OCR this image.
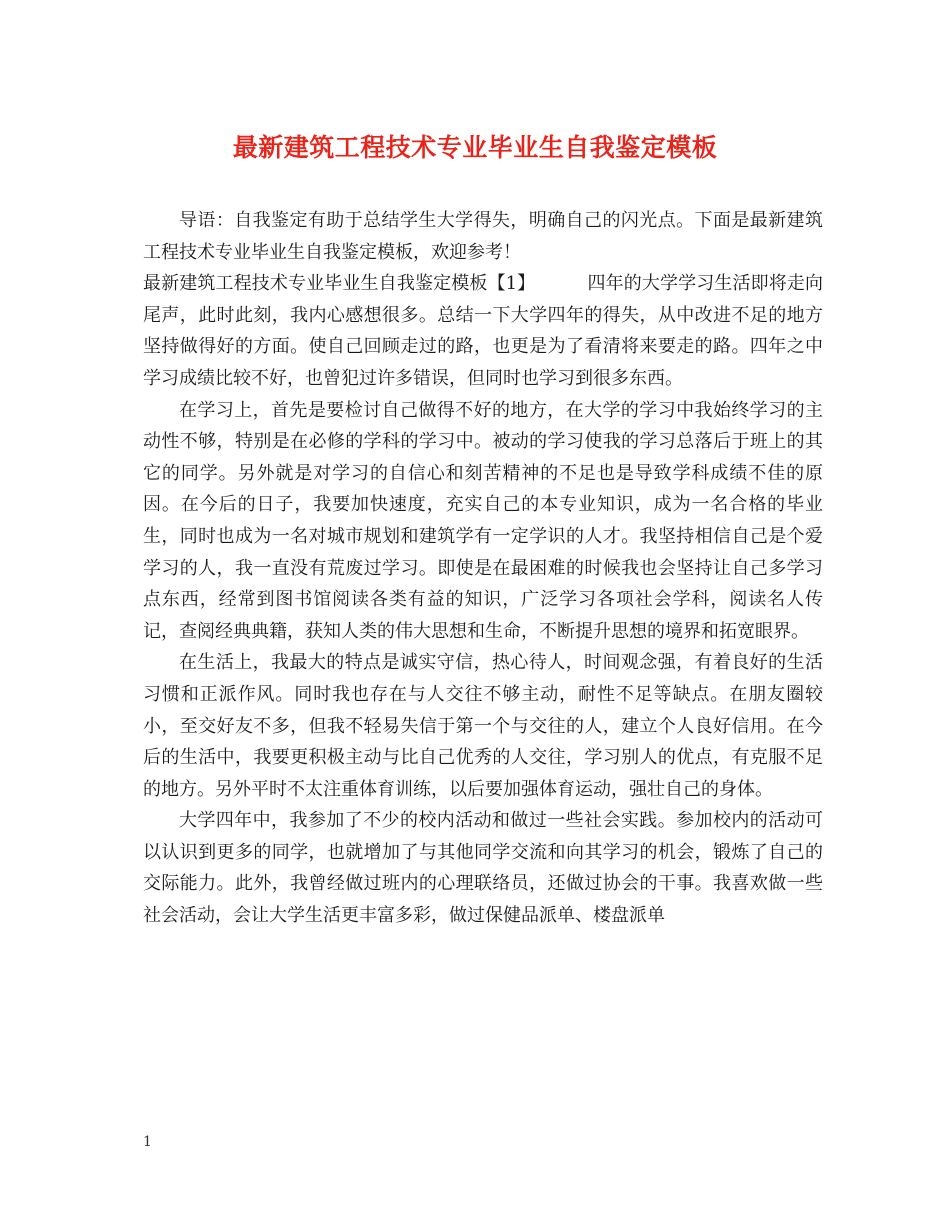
最新建筑工程技术专业毕业生自我鉴定模板

导语：自我鉴定有助于总结学生大学得失，明确自己的闪光点。下面是最新建筑工程技术专业毕业生自我鉴定模板，欢迎参考！

最新建筑工程技术专业毕业生自我鉴定模板【1】	四年的大学学习生活即将走向尾声，此时此刻，我内心感想很多。总结一下大学四年的得失，从中改进不足的地方坚持做得好的方面。使自己回顾走过的路，也更是为了看清将来要走的路。四年之中学习成绩比较不好，也曾犯过许多错误，但同时也学习到很多东西。

在学习上，首先是要检讨自己做得不好的地方，在大学的学习中我始终学习的主动性不够，特别是在必修的学科的学习中。被动的学习使我的学习总落后于班上的其它的同学。另外就是对学习的自信心和刻苦精神的不足也是导致学科成绩不佳的原因。在今后的日子，我要加快速度，充实自己的本专业知识，成为一名合格的毕业生，同时也成为一名对城市规划和建筑学有一定学识的人才。我坚持相信自己是个爱学习的人，我一直没有荒废过学习。即使是在最困难的时候我也会坚持让自己多学习点东西，经常到图书馆阅读各类有益的知识，广泛学习各项社会学科，阅读名人传记，查阅经典典籍，获知人类的伟大思想和生命，不断提升思想的境界和拓宽眼界。

在生活上，我最大的特点是诚实守信，热心待人，时间观念强，有着良好的生活习惯和正派作风。同时我也存在与人交往不够主动，耐性不足等缺点。在朋友圈较小，至交好友不多，但我不轻易失信于第一个与交往的人，建立个人良好信用。在今后的生活中，我要更积极主动与比自己优秀的人交往，学习别人的优点，有克服不足的地方。另外平时不太注重体育训练，以后要加强体育运动，强壮自己的身体。

大学四年中，我参加了不少的校内活动和做过一些社会实践。参加校内的活动可以认识到更多的同学，也就增加了与其他同学交流和向其学习的机会，锻炼了自己的交际能力。此外，我曾经做过班内的心理联络员，还做过协会的干事。我喜欢做一些社会活动，会让大学生活更丰富多彩，做过保健品派单、楼盘派单

1
